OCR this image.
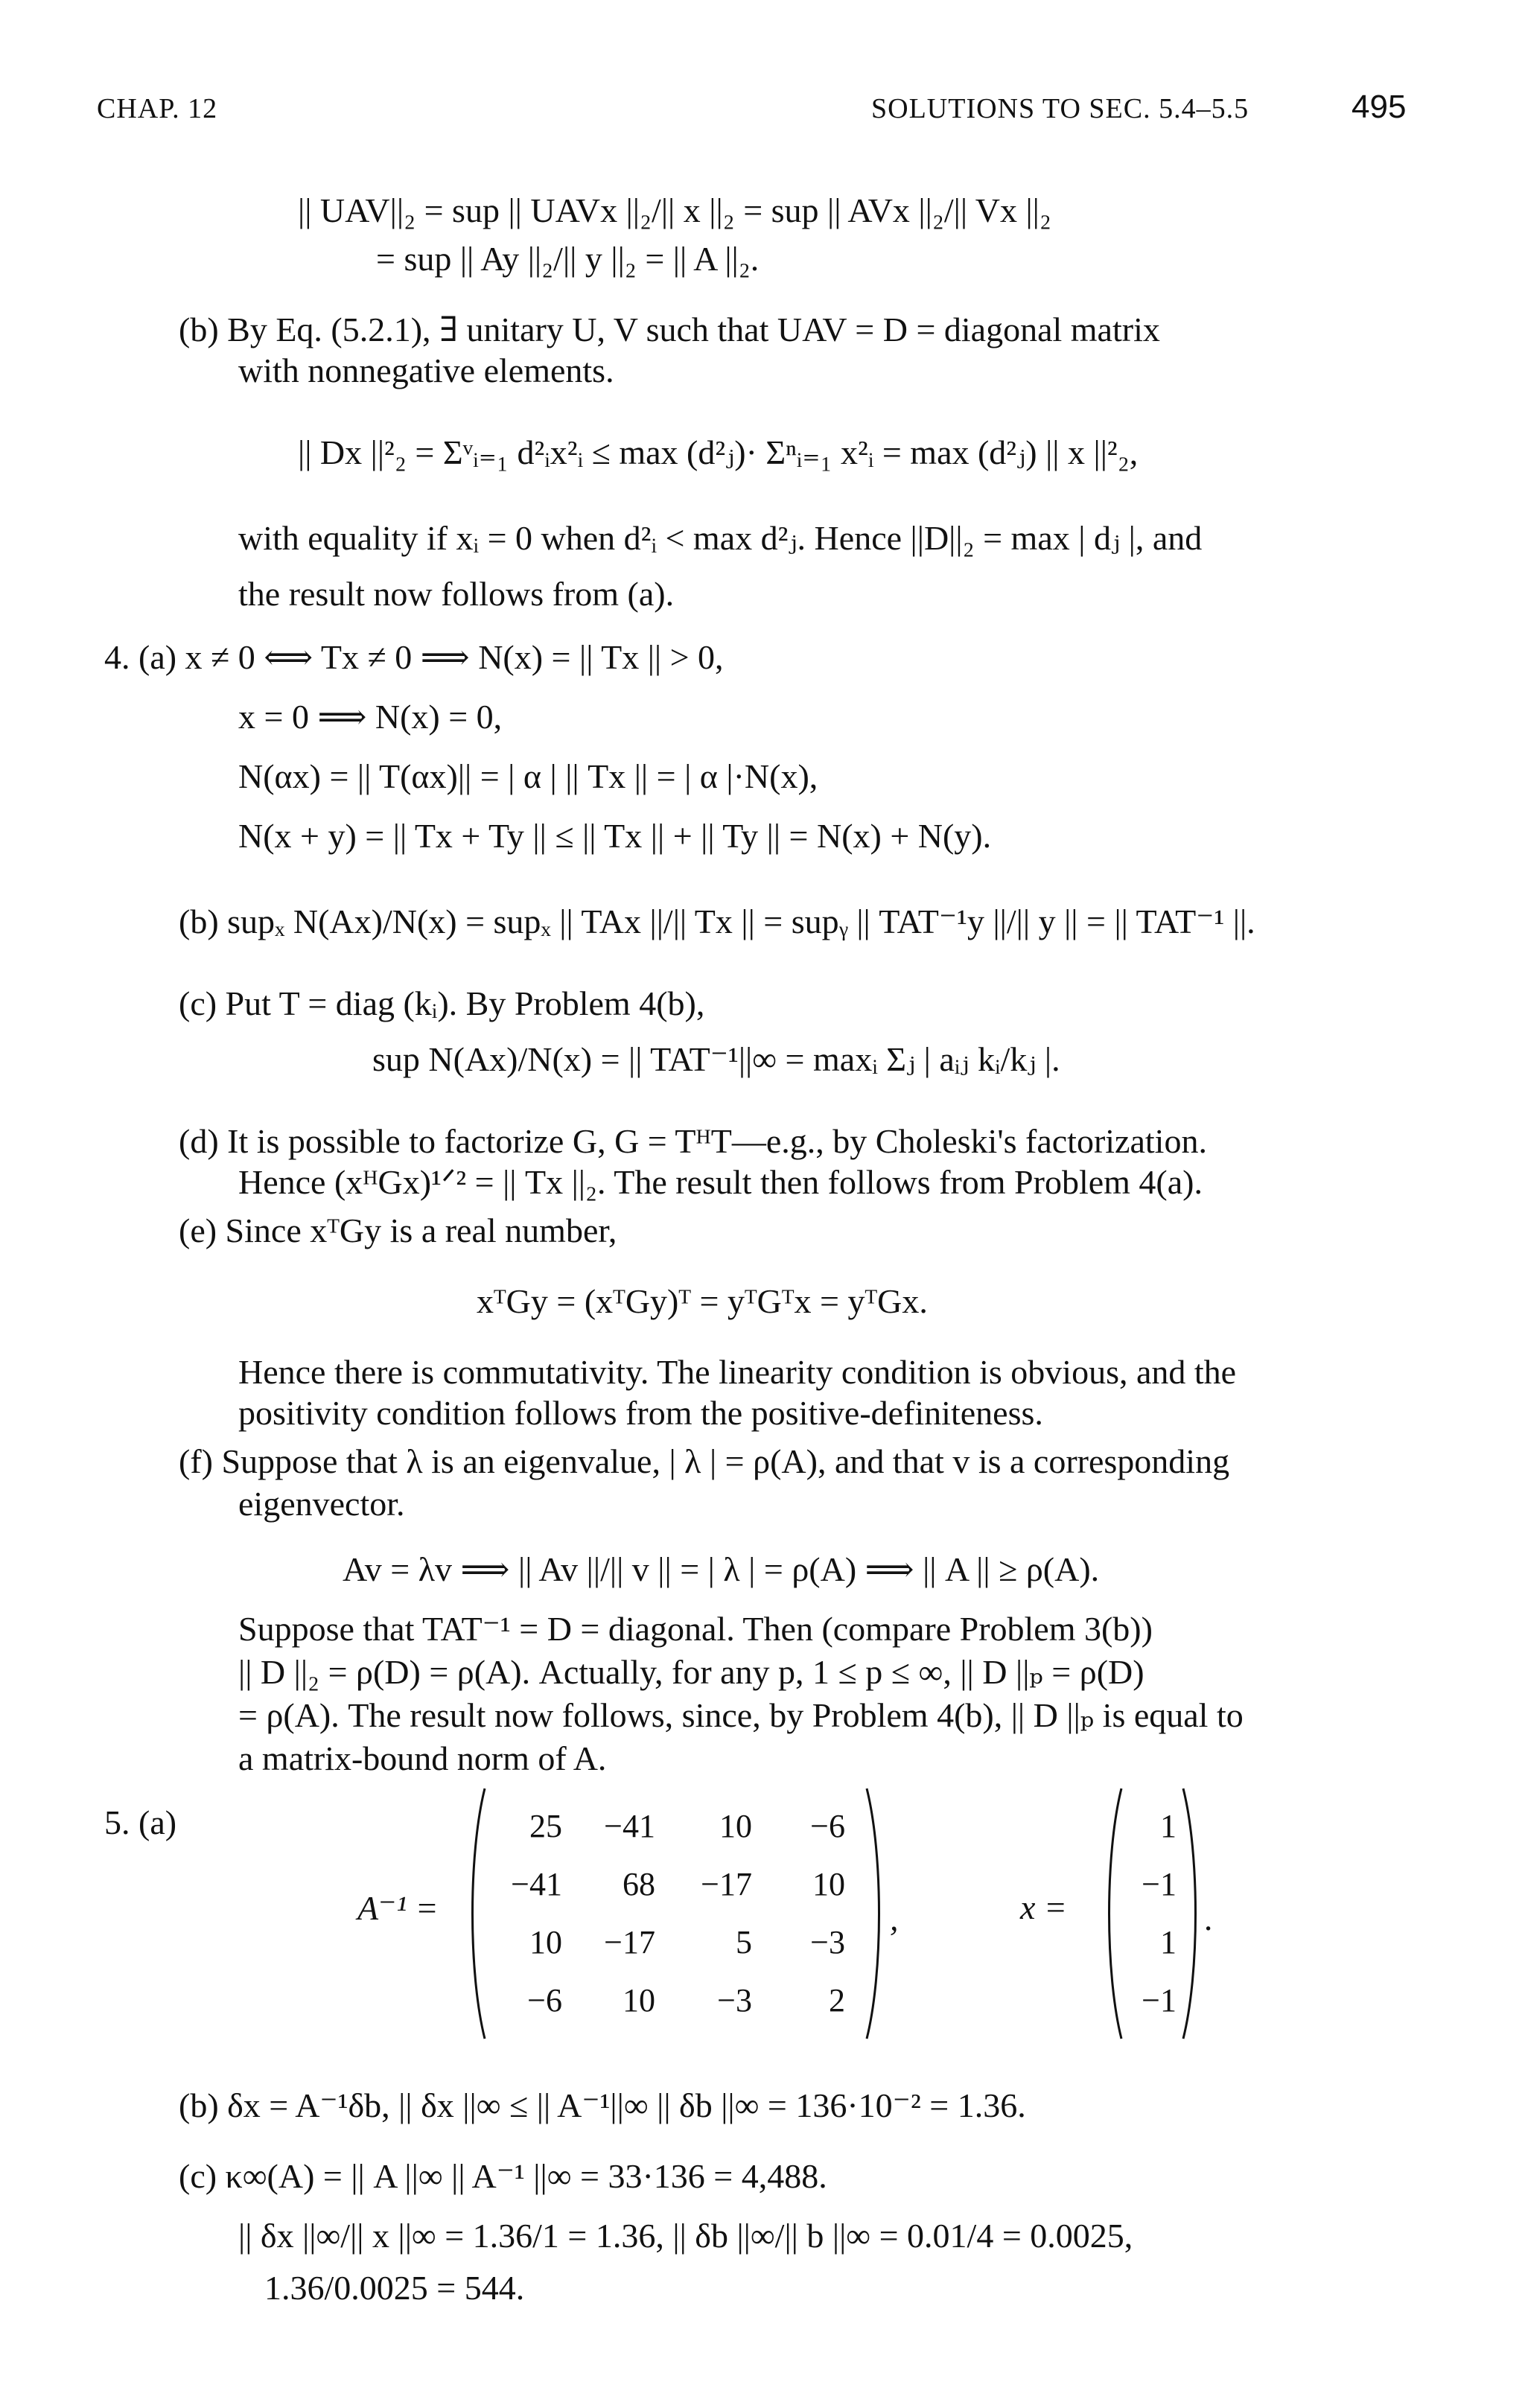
CHAP. 12	SOLUTIONS TO SEC. 5.4–5.5	495
|| UAV||₂ = sup || UAVx ||₂/|| x ||₂ = sup || AVx ||₂/|| Vx ||₂
= sup || Ay ||₂/|| y ||₂ = || A ||₂.
(b) By Eq. (5.2.1), ∃ unitary U, V such that UAV = D = diagonal matrix
with nonnegative elements.
|| Dx ||²₂ = Σᵛᵢ₌₁ d²ᵢx²ᵢ ≤ max (d²ⱼ)· Σⁿᵢ₌₁ x²ᵢ = max (d²ⱼ) || x ||²₂,
with equality if xᵢ = 0 when d²ᵢ < max d²ⱼ. Hence ||D||₂ = max | dⱼ |, and
the result now follows from (a).
4. (a) x ≠ 0 ⟺ Tx ≠ 0 ⟹ N(x) = || Tx || > 0,
x = 0 ⟹ N(x) = 0,
N(αx) = || T(αx)|| = | α | || Tx || = | α |·N(x),
N(x + y) = || Tx + Ty || ≤ || Tx || + || Ty || = N(x) + N(y).
(b) supₓ N(Ax)/N(x) = supₓ || TAx ||/|| Tx || = supᵧ || TAT⁻¹y ||/|| y || = || TAT⁻¹ ||.
(c) Put T = diag (kᵢ). By Problem 4(b),
sup N(Ax)/N(x) = || TAT⁻¹||∞ = maxᵢ Σⱼ | aᵢⱼ kᵢ/kⱼ |.
(d) It is possible to factorize G, G = TᴴT—e.g., by Choleski's factorization.
Hence (xᴴGx)¹ᐟ² = || Tx ||₂. The result then follows from Problem 4(a).
(e) Since xᵀGy is a real number,
xᵀGy = (xᵀGy)ᵀ = yᵀGᵀx = yᵀGx.
Hence there is commutativity. The linearity condition is obvious, and the
positivity condition follows from the positive-definiteness.
(f) Suppose that λ is an eigenvalue, | λ | = ρ(A), and that v is a corresponding
eigenvector.
Av = λv ⟹ || Av ||/|| v || = | λ | = ρ(A) ⟹ || A || ≥ ρ(A).
Suppose that TAT⁻¹ = D = diagonal. Then (compare Problem 3(b))
|| D ||₂ = ρ(D) = ρ(A). Actually, for any p, 1 ≤ p ≤ ∞, || D ||ₚ = ρ(D)
= ρ(A). The result now follows, since, by Problem 4(b), || D ||ₚ is equal to
a matrix-bound norm of A.
5. (a)
(b) δx = A⁻¹δb, || δx ||∞ ≤ || A⁻¹||∞ || δb ||∞ = 136·10⁻² = 1.36.
(c) κ∞(A) = || A ||∞ || A⁻¹ ||∞ = 33·136 = 4,488.
|| δx ||∞/|| x ||∞ = 1.36/1 = 1.36, || δb ||∞/|| b ||∞ = 0.01/4 = 0.0025,
1.36/0.0025 = 544.
A⁻¹ =
25	−41	10	−6
−41	68	−17	10
10	−17	5	−3
−6	10	−3	2
,	x =
1
−1
1
−1
.
